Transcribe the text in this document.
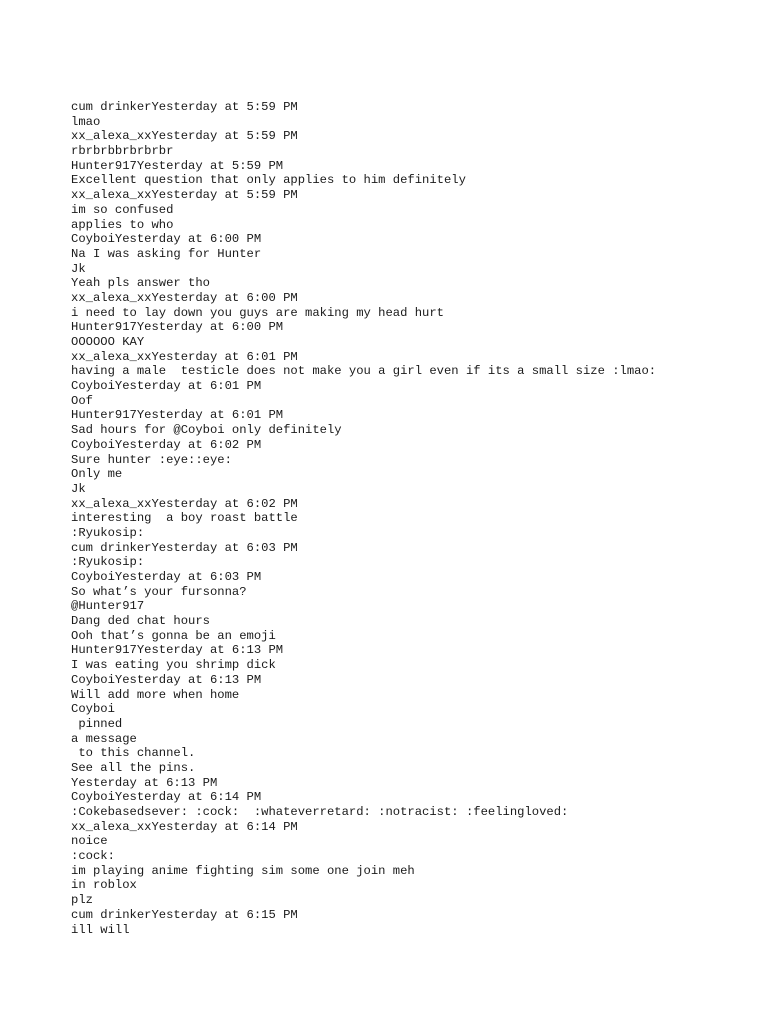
cum drinkerYesterday at 5:59 PM
lmao
xx_alexa_xxYesterday at 5:59 PM
rbrbrbbrbrbrbr
Hunter917Yesterday at 5:59 PM
Excellent question that only applies to him definitely
xx_alexa_xxYesterday at 5:59 PM
im so confused
applies to who
CoyboiYesterday at 6:00 PM
Na I was asking for Hunter
Jk
Yeah pls answer tho
xx_alexa_xxYesterday at 6:00 PM
i need to lay down you guys are making my head hurt
Hunter917Yesterday at 6:00 PM
OOOOOO KAY
xx_alexa_xxYesterday at 6:01 PM
having a male  testicle does not make you a girl even if its a small size :lmao:
CoyboiYesterday at 6:01 PM
Oof
Hunter917Yesterday at 6:01 PM
Sad hours for @Coyboi only definitely
CoyboiYesterday at 6:02 PM
Sure hunter :eye::eye:
Only me
Jk
xx_alexa_xxYesterday at 6:02 PM
interesting  a boy roast battle
:Ryukosip:
cum drinkerYesterday at 6:03 PM
:Ryukosip:
CoyboiYesterday at 6:03 PM
So what’s your fursonna?
@Hunter917
Dang ded chat hours
Ooh that’s gonna be an emoji
Hunter917Yesterday at 6:13 PM
I was eating you shrimp dick
CoyboiYesterday at 6:13 PM
Will add more when home
Coyboi
pinned
a message
to this channel.
See all the pins.
Yesterday at 6:13 PM
CoyboiYesterday at 6:14 PM
:Cokebasedsever: :cock:  :whateverretard: :notracist: :feelingloved:
xx_alexa_xxYesterday at 6:14 PM
noice
:cock:
im playing anime fighting sim some one join meh
in roblox
plz
cum drinkerYesterday at 6:15 PM
ill will
